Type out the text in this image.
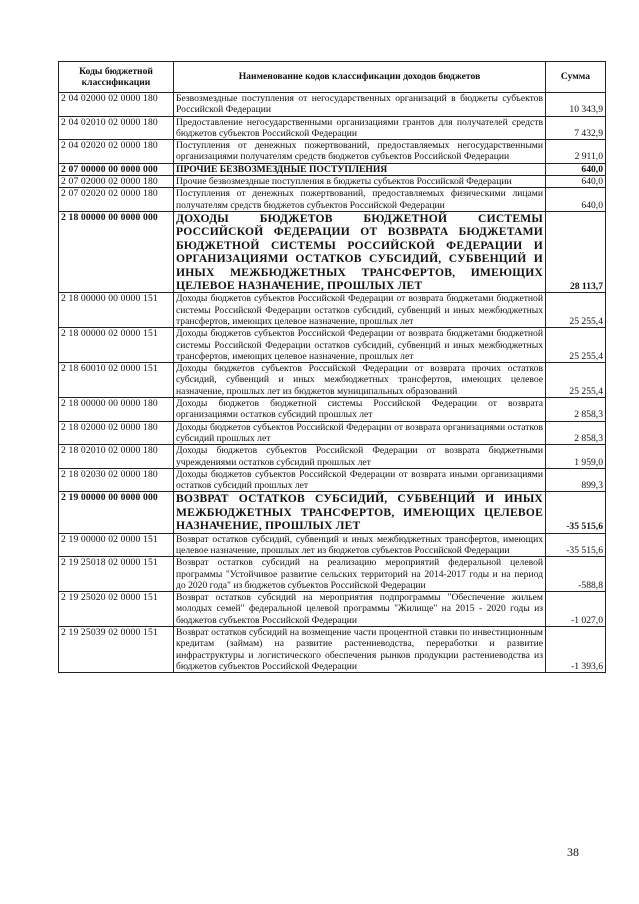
Коды бюджетной классификации	Наименование кодов классификации доходов бюджетов	Сумма
2 04 02000 02 0000 180	Безвозмездные поступления от негосударственных организаций в бюджеты субъектов Российской Федерации	10 343,9
2 04 02010 02 0000 180	Предоставление негосударственными организациями грантов для получателей средств бюджетов субъектов Российской Федерации	7 432,9
2 04 02020 02 0000 180	Поступления от денежных пожертвований, предоставляемых негосударственными организациями получателям средств бюджетов субъектов Российской Федерации	2 911,0
2 07 00000 00 0000 000	ПРОЧИЕ БЕЗВОЗМЕЗДНЫЕ ПОСТУПЛЕНИЯ	640,0
2 07 02000 02 0000 180	Прочие безвозмездные поступления в бюджеты субъектов Российской Федерации	640,0
2 07 02020 02 0000 180	Поступления от денежных пожертвований, предоставляемых физическими лицами получателям средств бюджетов субъектов Российской Федерации	640,0
2 18 00000 00 0000 000	ДОХОДЫ БЮДЖЕТОВ БЮДЖЕТНОЙ СИСТЕМЫ РОССИЙСКОЙ ФЕДЕРАЦИИ ОТ ВОЗВРАТА БЮДЖЕТАМИ БЮДЖЕТНОЙ СИСТЕМЫ РОССИЙСКОЙ ФЕДЕРАЦИИ И ОРГАНИЗАЦИЯМИ ОСТАТКОВ СУБСИДИЙ, СУБВЕНЦИЙ И ИНЫХ МЕЖБЮДЖЕТНЫХ ТРАНСФЕРТОВ, ИМЕЮЩИХ ЦЕЛЕВОЕ НАЗНАЧЕНИЕ, ПРОШЛЫХ ЛЕТ	28 113,7
2 18 00000 00 0000 151	Доходы бюджетов субъектов Российской Федерации от возврата бюджетами бюджетной системы Российской Федерации остатков субсидий, субвенций и иных межбюджетных трансфертов, имеющих целевое назначение, прошлых лет	25 255,4
2 18 00000 02 0000 151	Доходы бюджетов субъектов Российской Федерации от возврата бюджетами бюджетной системы Российской Федерации остатков субсидий, субвенций и иных межбюджетных трансфертов, имеющих целевое назначение, прошлых лет	25 255,4
2 18 60010 02 0000 151	Доходы бюджетов субъектов Российской Федерации от возврата прочих остатков субсидий, субвенций и иных межбюджетных трансфертов, имеющих целевое назначение, прошлых лет из бюджетов муниципальных образований	25 255,4
2 18 00000 00 0000 180	Доходы бюджетов бюджетной системы Российской Федерации от возврата организациями остатков субсидий прошлых лет	2 858,3
2 18 02000 02 0000 180	Доходы бюджетов субъектов Российской Федерации от возврата организациями остатков субсидий прошлых лет	2 858,3
2 18 02010 02 0000 180	Доходы бюджетов субъектов Российской Федерации от возврата бюджетными учреждениями остатков субсидий прошлых лет	1 959,0
2 18 02030 02 0000 180	Доходы бюджетов субъектов Российской Федерации от возврата иными организациями остатков субсидий прошлых лет	899,3
2 19 00000 00 0000 000	ВОЗВРАТ ОСТАТКОВ СУБСИДИЙ, СУБВЕНЦИЙ И ИНЫХ МЕЖБЮДЖЕТНЫХ ТРАНСФЕРТОВ, ИМЕЮЩИХ ЦЕЛЕВОЕ НАЗНАЧЕНИЕ, ПРОШЛЫХ ЛЕТ	-35 515,6
2 19 00000 02 0000 151	Возврат остатков субсидий, субвенций и иных межбюджетных трансфертов, имеющих целевое назначение, прошлых лет из бюджетов субъектов Российской Федерации	-35 515,6
2 19 25018 02 0000 151	Возврат остатков субсидий на реализацию мероприятий федеральной целевой программы "Устойчивое развитие сельских территорий на 2014-2017 годы и на период до 2020 года" из бюджетов субъектов Российской Федерации	-588,8
2 19 25020 02 0000 151	Возврат остатков субсидий на мероприятия подпрограммы "Обеспечение жильем молодых семей" федеральной целевой программы "Жилище" на 2015 - 2020 годы из бюджетов субъектов Российской Федерации	-1 027,0
2 19 25039 02 0000 151	Возврат остатков субсидий на возмещение части процентной ставки по инвестиционным кредитам (займам) на развитие растениеводства, переработки и развитие инфраструктуры и логистического обеспечения рынков продукции растениеводства из бюджетов субъектов Российской Федерации	-1 393,6
38
